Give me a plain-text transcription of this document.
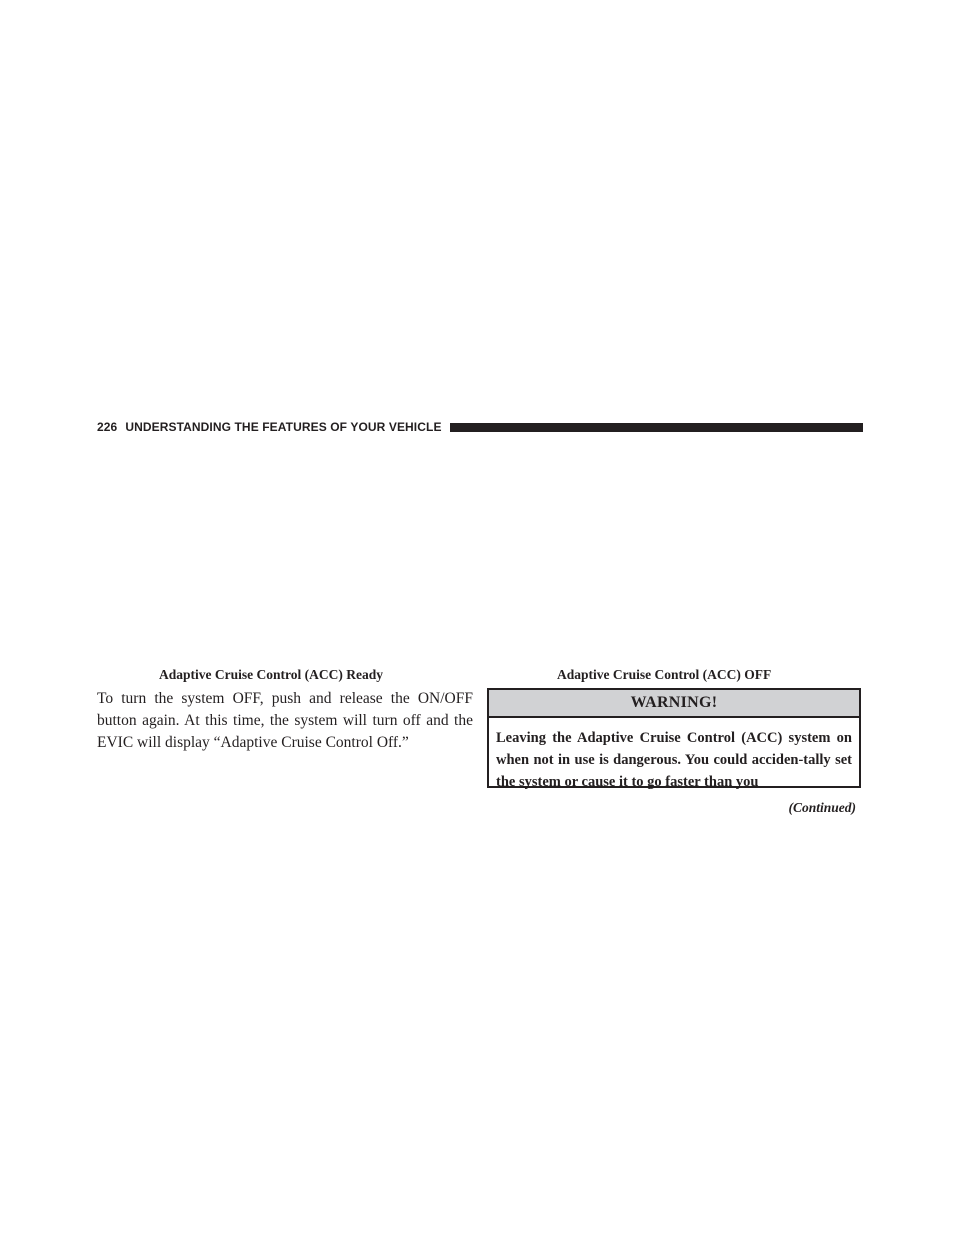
226 UNDERSTANDING THE FEATURES OF YOUR VEHICLE
Adaptive Cruise Control (ACC) Ready	Adaptive Cruise Control (ACC) OFF

To turn the system OFF, push and release the ON/OFF button again. At this time, the system will turn off and the EVIC will display “Adaptive Cruise Control Off.”

WARNING!
Leaving the Adaptive Cruise Control (ACC) system on when not in use is dangerous. You could acciden-tally set the system or cause it to go faster than you
(Continued)
